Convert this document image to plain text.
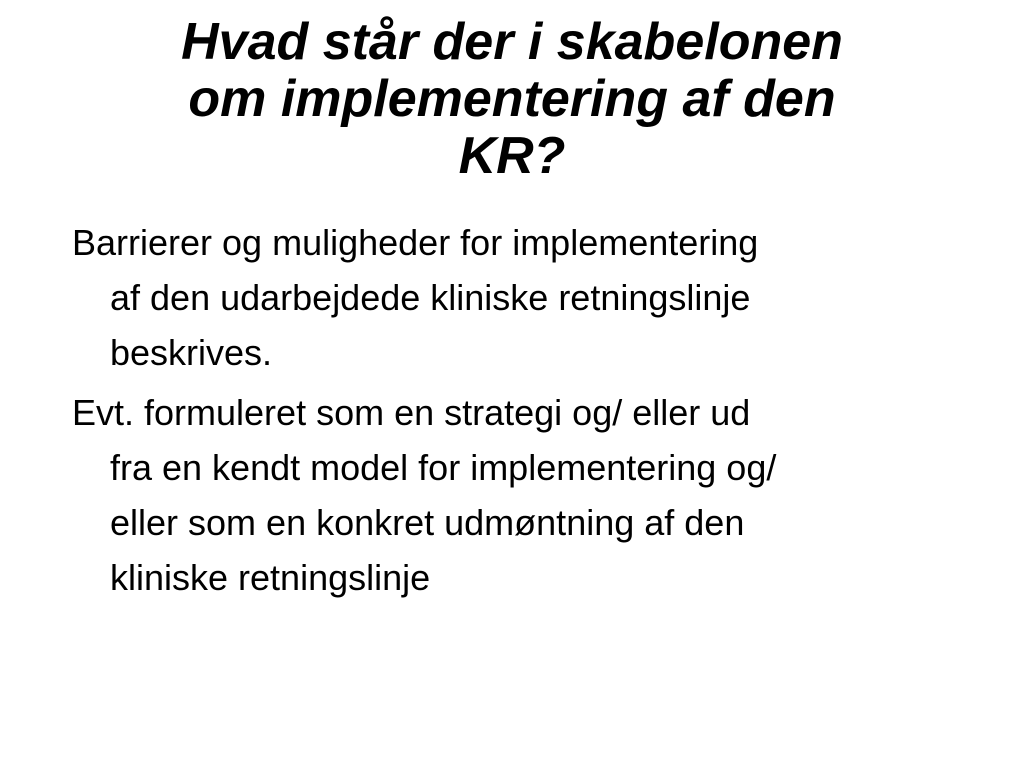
Hvad står der i skabelonen
om implementering af den
KR?

Barrierer og muligheder for implementering
af den udarbejdede kliniske retningslinje
beskrives.

Evt. formuleret som en strategi og/ eller ud
fra en kendt model for implementering og/
eller som en konkret udmøntning af den
kliniske retningslinje
